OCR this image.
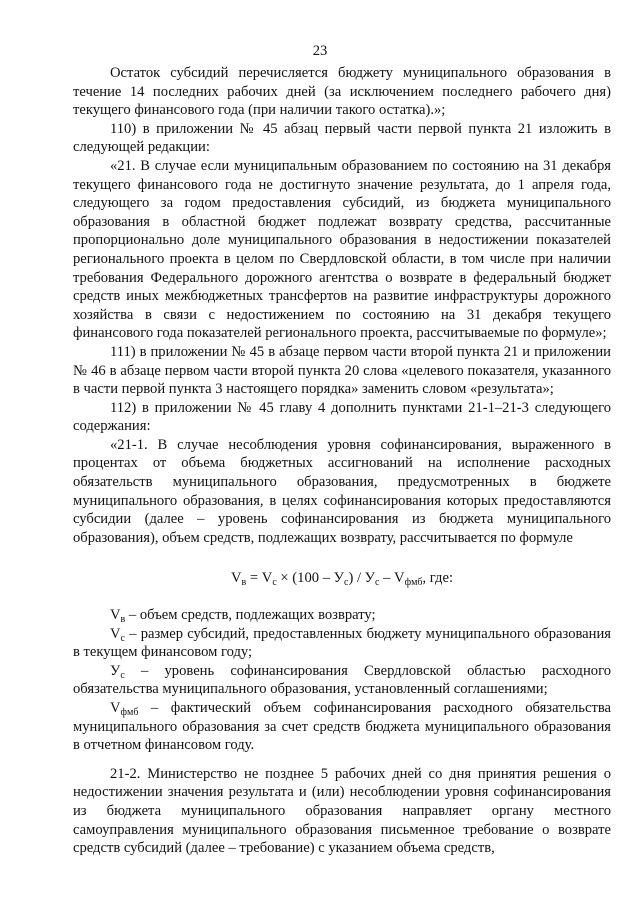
23

Остаток субсидий перечисляется бюджету муниципального образования в течение 14 последних рабочих дней (за исключением последнего рабочего дня) текущего финансового года (при наличии такого остатка).»;

110) в приложении № 45 абзац первый части первой пункта 21 изложить в следующей редакции:

«21. В случае если муниципальным образованием по состоянию на 31 декабря текущего финансового года не достигнуто значение результата, до 1 апреля года, следующего за годом предоставления субсидий, из бюджета муниципального образования в областной бюджет подлежат возврату средства, рассчитанные пропорционально доле муниципального образования в недостижении показателей регионального проекта в целом по Свердловской области, в том числе при наличии требования Федерального дорожного агентства о возврате в федеральный бюджет средств иных межбюджетных трансфертов на развитие инфраструктуры дорожного хозяйства в связи с недостижением по состоянию на 31 декабря текущего финансового года показателей регионального проекта, рассчитываемые по формуле»;

111) в приложении № 45 в абзаце первом части второй пункта 21 и приложении № 46 в абзаце первом части второй пункта 20 слова «целевого показателя, указанного в части первой пункта 3 настоящего порядка» заменить словом «результата»;

112) в приложении № 45 главу 4 дополнить пунктами 21-1–21-3 следующего содержания:

«21-1. В случае несоблюдения уровня софинансирования, выраженного в процентах от объема бюджетных ассигнований на исполнение расходных обязательств муниципального образования, предусмотренных в бюджете муниципального образования, в целях софинансирования которых предоставляются субсидии (далее – уровень софинансирования из бюджета муниципального образования), объем средств, подлежащих возврату, рассчитывается по формуле

$V_в = V_с \times (100 - У_с) / У_с - V_{фмб}$, где:

$V_в$ – объем средств, подлежащих возврату;

$V_с$ – размер субсидий, предоставленных бюджету муниципального образования в текущем финансовом году;

$У_с$ – уровень софинансирования Свердловской областью расходного обязательства муниципального образования, установленный соглашениями;

$V_{фмб}$ – фактический объем софинансирования расходного обязательства муниципального образования за счет средств бюджета муниципального образования в отчетном финансовом году.

21-2. Министерство не позднее 5 рабочих дней со дня принятия решения о недостижении значения результата и (или) несоблюдении уровня софинансирования из бюджета муниципального образования направляет органу местного самоуправления муниципального образования письменное требование о возврате средств субсидий (далее – требование) с указанием объема средств,
